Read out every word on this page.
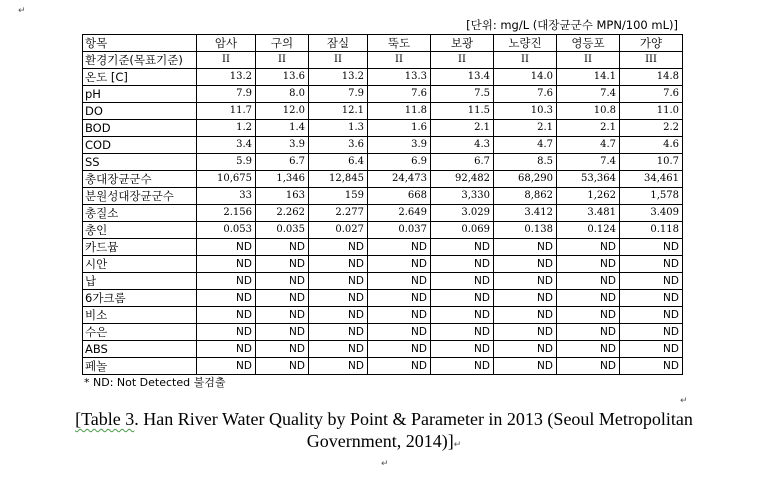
↵
[단위: mg/L (대장균군수 MPN/100 mL)]
항목	암사	구의	잠실	뚝도	보광	노량진	영등포	가양
환경기준(목표기준)	II	II	II	II	II	II	II	III
온도 [C]	13.2	13.6	13.2	13.3	13.4	14.0	14.1	14.8
pH	7.9	8.0	7.9	7.6	7.5	7.6	7.4	7.6
DO	11.7	12.0	12.1	11.8	11.5	10.3	10.8	11.0
BOD	1.2	1.4	1.3	1.6	2.1	2.1	2.1	2.2
COD	3.4	3.9	3.6	3.9	4.3	4.7	4.7	4.6
SS	5.9	6.7	6.4	6.9	6.7	8.5	7.4	10.7
총대장균군수	10,675	1,346	12,845	24,473	92,482	68,290	53,364	34,461
분원성대장균군수	33	163	159	668	3,330	8,862	1,262	1,578
총질소	2.156	2.262	2.277	2.649	3.029	3.412	3.481	3.409
총인	0.053	0.035	0.027	0.037	0.069	0.138	0.124	0.118
카드뮴	ND	ND	ND	ND	ND	ND	ND	ND
시안	ND	ND	ND	ND	ND	ND	ND	ND
납	ND	ND	ND	ND	ND	ND	ND	ND
6가크롬	ND	ND	ND	ND	ND	ND	ND	ND
비소	ND	ND	ND	ND	ND	ND	ND	ND
수은	ND	ND	ND	ND	ND	ND	ND	ND
ABS	ND	ND	ND	ND	ND	ND	ND	ND
페놀	ND	ND	ND	ND	ND	ND	ND	ND
* ND: Not Detected 불검출
↵
[Table 3. Han River Water Quality by Point & Parameter in 2013 (Seoul Metropolitan
Government, 2014)]↵
↵
